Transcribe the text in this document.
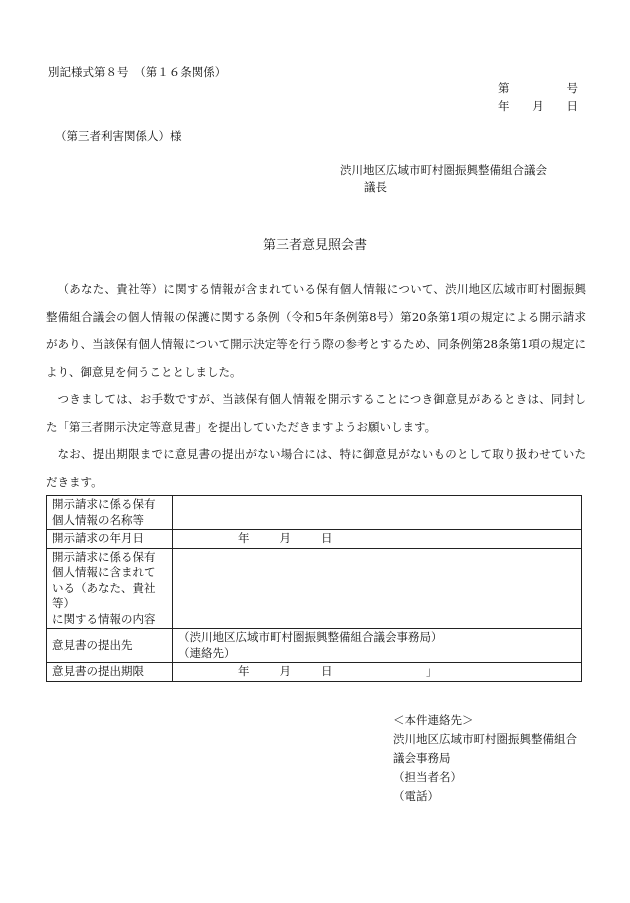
別記様式第８号　（第１６条関係）
第	号
年 月 日
（第三者利害関係人）様
渋川地区広域市町村圏振興整備組合議会
議長
第三者意見照会書

（あなた、貴社等）に関する情報が含まれている保有個人情報について、渋川地区広域市町村圏振興整備組合議会の個人情報の保護に関する条例（令和5年条例第8号）第20条第1項の規定による開示請求があり、当該保有個人情報について開示決定等を行う際の参考とするため、同条例第28条第1項の規定により、御意見を伺うこととしました。

つきましては、お手数ですが、当該保有個人情報を開示することにつき御意見があるときは、同封した「第三者開示決定等意見書」を提出していただきますようお願いします。

なお、提出期限までに意見書の提出がない場合には、特に御意見がないものとして取り扱わせていただきます。

開示請求に係る保有
個人情報の名称等	

開示請求の年月日	年 月 日

開示請求に係る保有
個人情報に含まれて
いる（あなた、貴社等）
に関する情報の内容	

意見書の提出先	（渋川地区広域市町村圏振興整備組合議会事務局）
（連絡先）

意見書の提出期限	年 月 日	」
＜本件連絡先＞
渋川地区広域市町村圏振興整備組合
議会事務局
（担当者名）
（電話）
